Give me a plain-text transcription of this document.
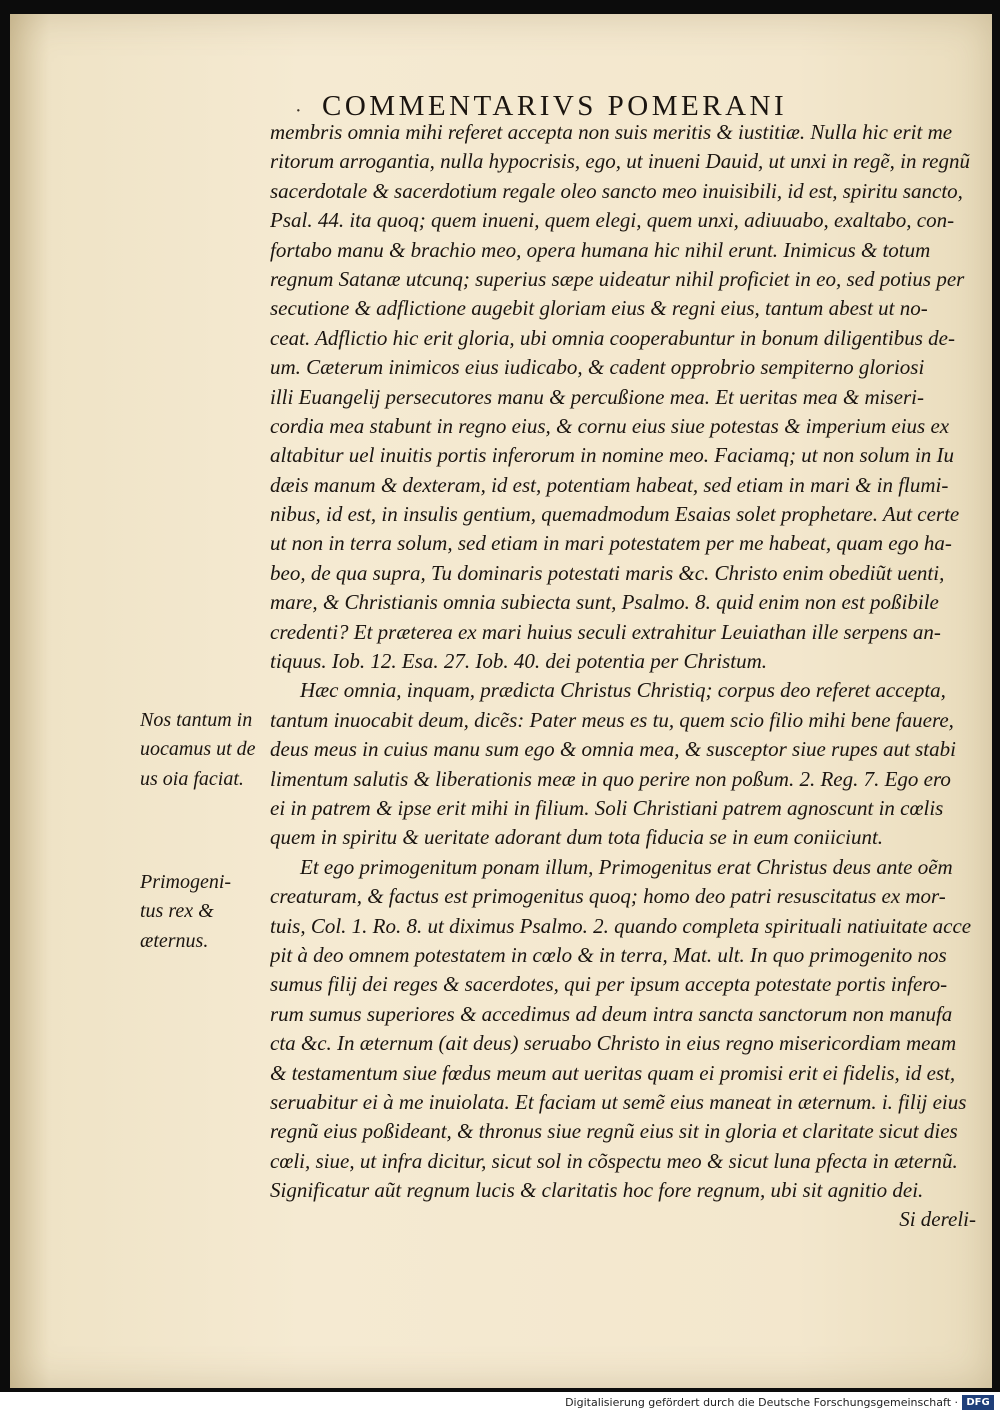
· COMMENTARIVS POMERANI
membris omnia mihi referet accepta non suis meritis & iustitiæ. Nulla hic erit me
ritorum arrogantia, nulla hypocrisis, ego, ut inueni Dauid, ut unxi in regẽ, in regnũ
sacerdotale & sacerdotium regale oleo sancto meo inuisibili, id est, spiritu sancto,
Psal. 44. ita quoq; quem inueni, quem elegi, quem unxi, adiuuabo, exaltabo, con-
fortabo manu & brachio meo, opera humana hic nihil erunt. Inimicus & totum
regnum Satanæ utcunq; superius sæpe uideatur nihil proficiet in eo, sed potius per
secutione & adflictione augebit gloriam eius & regni eius, tantum abest ut no-
ceat. Adflictio hic erit gloria, ubi omnia cooperabuntur in bonum diligentibus de-
um. Cæterum inimicos eius iudicabo, & cadent opprobrio sempiterno gloriosi
illi Euangelij persecutores manu & percußione mea. Et ueritas mea & miseri-
cordia mea stabunt in regno eius, & cornu eius siue potestas & imperium eius ex
altabitur uel inuitis portis inferorum in nomine meo. Faciamq; ut non solum in Iu
dæis manum & dexteram, id est, potentiam habeat, sed etiam in mari & in flumi-
nibus, id est, in insulis gentium, quemadmodum Esaias solet prophetare. Aut certe
ut non in terra solum, sed etiam in mari potestatem per me habeat, quam ego ha-
beo, de qua supra, Tu dominaris potestati maris &c. Christo enim obediũt uenti,
mare, & Christianis omnia subiecta sunt, Psalmo. 8. quid enim non est poßibile
credenti? Et præterea ex mari huius seculi extrahitur Leuiathan ille serpens an-
tiquus. Iob. 12. Esa. 27. Iob. 40. dei potentia per Christum.
Hæc omnia, inquam, prædicta Christus Christiq; corpus deo referet accepta,
tantum inuocabit deum, dicẽs: Pater meus es tu, quem scio filio mihi bene fauere,
deus meus in cuius manu sum ego & omnia mea, & susceptor siue rupes aut stabi
limentum salutis & liberationis meæ in quo perire non poßum. 2. Reg. 7. Ego ero
ei in patrem & ipse erit mihi in filium. Soli Christiani patrem agnoscunt in cœlis
quem in spiritu & ueritate adorant dum tota fiducia se in eum coniiciunt.
Et ego primogenitum ponam illum, Primogenitus erat Christus deus ante oẽm
creaturam, & factus est primogenitus quoq; homo deo patri resuscitatus ex mor-
tuis, Col. 1. Ro. 8. ut diximus Psalmo. 2. quando completa spirituali natiuitate acce
pit à deo omnem potestatem in cœlo & in terra, Mat. ult. In quo primogenito nos
sumus filij dei reges & sacerdotes, qui per ipsum accepta potestate portis infero-
rum sumus superiores & accedimus ad deum intra sancta sanctorum non manufa
cta &c. In æternum (ait deus) seruabo Christo in eius regno misericordiam meam
& testamentum siue fœdus meum aut ueritas quam ei promisi erit ei fidelis, id est,
seruabitur ei à me inuiolata. Et faciam ut semẽ eius maneat in æternum. i. filij eius
regnũ eius poßideant, & thronus siue regnũ eius sit in gloria et claritate sicut dies
cœli, siue, ut infra dicitur, sicut sol in cõspectu meo & sicut luna pfecta in æternũ.
Significatur aũt regnum lucis & claritatis hoc fore regnum, ubi sit agnitio dei.
Si dereli-
Nos tantum in
uocamus ut de
us oia faciat.
Primogeni-
tus rex &
æternus.
Digitalisierung gefördert durch die Deutsche Forschungsgemeinschaft · DFG
